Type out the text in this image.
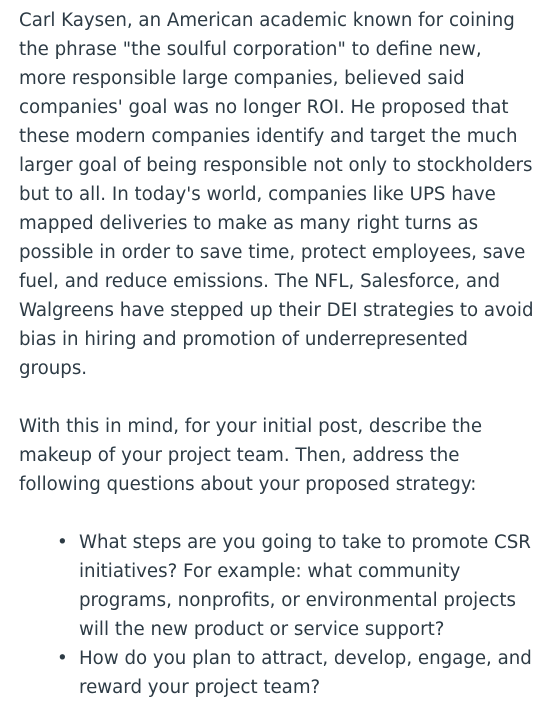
Carl Kaysen, an American academic known for coining the phrase "the soulful corporation" to define new, more responsible large companies, believed said companies' goal was no longer ROI. He proposed that these modern companies identify and target the much larger goal of being responsible not only to stockholders but to all. In today's world, companies like UPS have mapped deliveries to make as many right turns as possible in order to save time, protect employees, save fuel, and reduce emissions. The NFL, Salesforce, and Walgreens have stepped up their DEI strategies to avoid bias in hiring and promotion of underrepresented groups.

With this in mind, for your initial post, describe the makeup of your project team. Then, address the following questions about your proposed strategy:

• What steps are you going to take to promote CSR initiatives? For example: what community programs, nonprofits, or environmental projects will the new product or service support?
• How do you plan to attract, develop, engage, and reward your project team?
